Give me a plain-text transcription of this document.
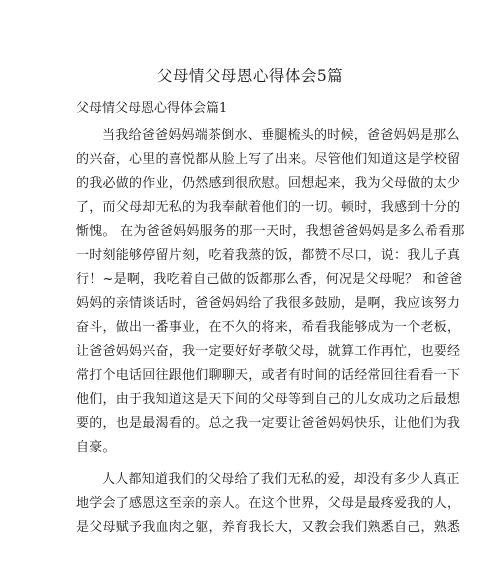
父母情父母恩心得体会5篇
父母情父母恩心得体会篇1
当我给爸爸妈妈端茶倒水、垂腿梳头的时候，爸爸妈妈是那么
的兴奋，心里的喜悦都从脸上写了出来。尽管他们知道这是学校留
的我必做的作业，仍然感到很欣慰。回想起来，我为父母做的太少
了，而父母却无私的为我奉献着他们的一切。顿时，我感到十分的
惭愧。 在为爸爸妈妈服务的那一天时，我想爸爸妈妈是多么希看那
一时刻能够停留片刻，吃着我蒸的饭，都赞不尽口，说：我儿子真
行！~是啊，我吃着自己做的饭都那么香，何况是父母呢？ 和爸爸
妈妈的亲情谈话时，爸爸妈妈给了我很多鼓励，是啊，我应该努力
奋斗，做出一番事业，在不久的将来，希看我能够成为一个老板，
让爸爸妈妈兴奋，我一定要好好孝敬父母，就算工作再忙，也要经
常打个电话回往跟他们聊聊天，或者有时间的话经常回往看看一下
他们，由于我知道这是天下间的父母等到自己的儿女成功之后最想
要的，也是最渴看的。总之我一定要让爸爸妈妈快乐，让他们为我
自豪。
人人都知道我们的父母给了我们无私的爱，却没有多少人真正
地学会了感恩这至亲的亲人。在这个世界，父母是最疼爱我的人，
是父母赋予我血肉之躯，养育我长大，又教会我们熟悉自己，熟悉
